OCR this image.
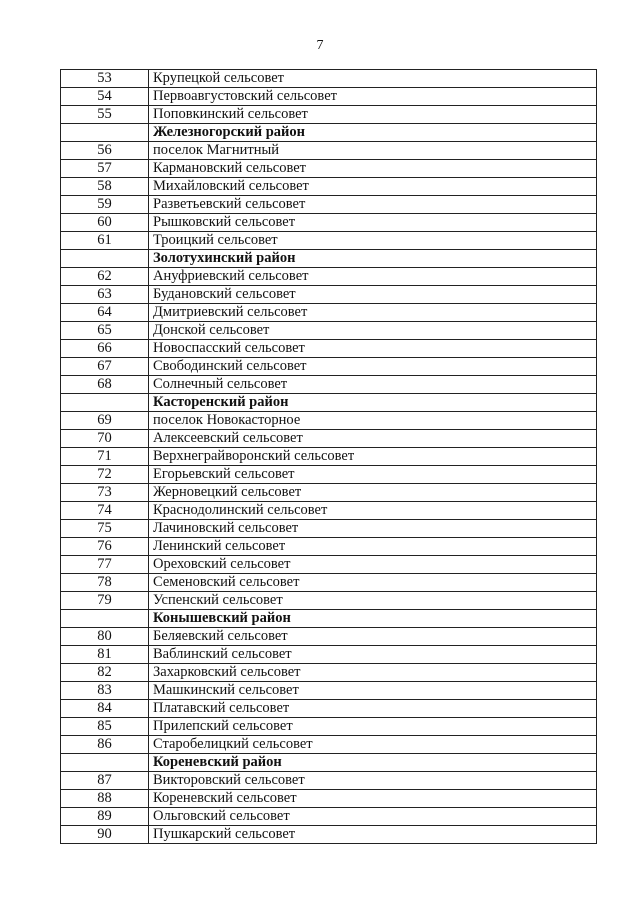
7
53	Крупецкой сельсовет
54	Первоавгустовский сельсовет
55	Поповкинский сельсовет
	Железногорский район
56	поселок Магнитный
57	Кармановский сельсовет
58	Михайловский сельсовет
59	Разветьевский сельсовет
60	Рышковский сельсовет
61	Троицкий сельсовет
	Золотухинский район
62	Ануфриевский сельсовет
63	Будановский сельсовет
64	Дмитриевский сельсовет
65	Донской сельсовет
66	Новоспасский сельсовет
67	Свободинский сельсовет
68	Солнечный сельсовет
	Касторенский район
69	поселок Новокасторное
70	Алексеевский сельсовет
71	Верхнеграйворонский сельсовет
72	Егорьевский сельсовет
73	Жерновецкий сельсовет
74	Краснодолинский сельсовет
75	Лачиновский сельсовет
76	Ленинский сельсовет
77	Ореховский сельсовет
78	Семеновский сельсовет
79	Успенский сельсовет
	Конышевский район
80	Беляевский сельсовет
81	Ваблинский сельсовет
82	Захарковский сельсовет
83	Машкинский сельсовет
84	Платавский сельсовет
85	Прилепский сельсовет
86	Старобелицкий сельсовет
	Кореневский район
87	Викторовский сельсовет
88	Кореневский сельсовет
89	Ольговский сельсовет
90	Пушкарский сельсовет
